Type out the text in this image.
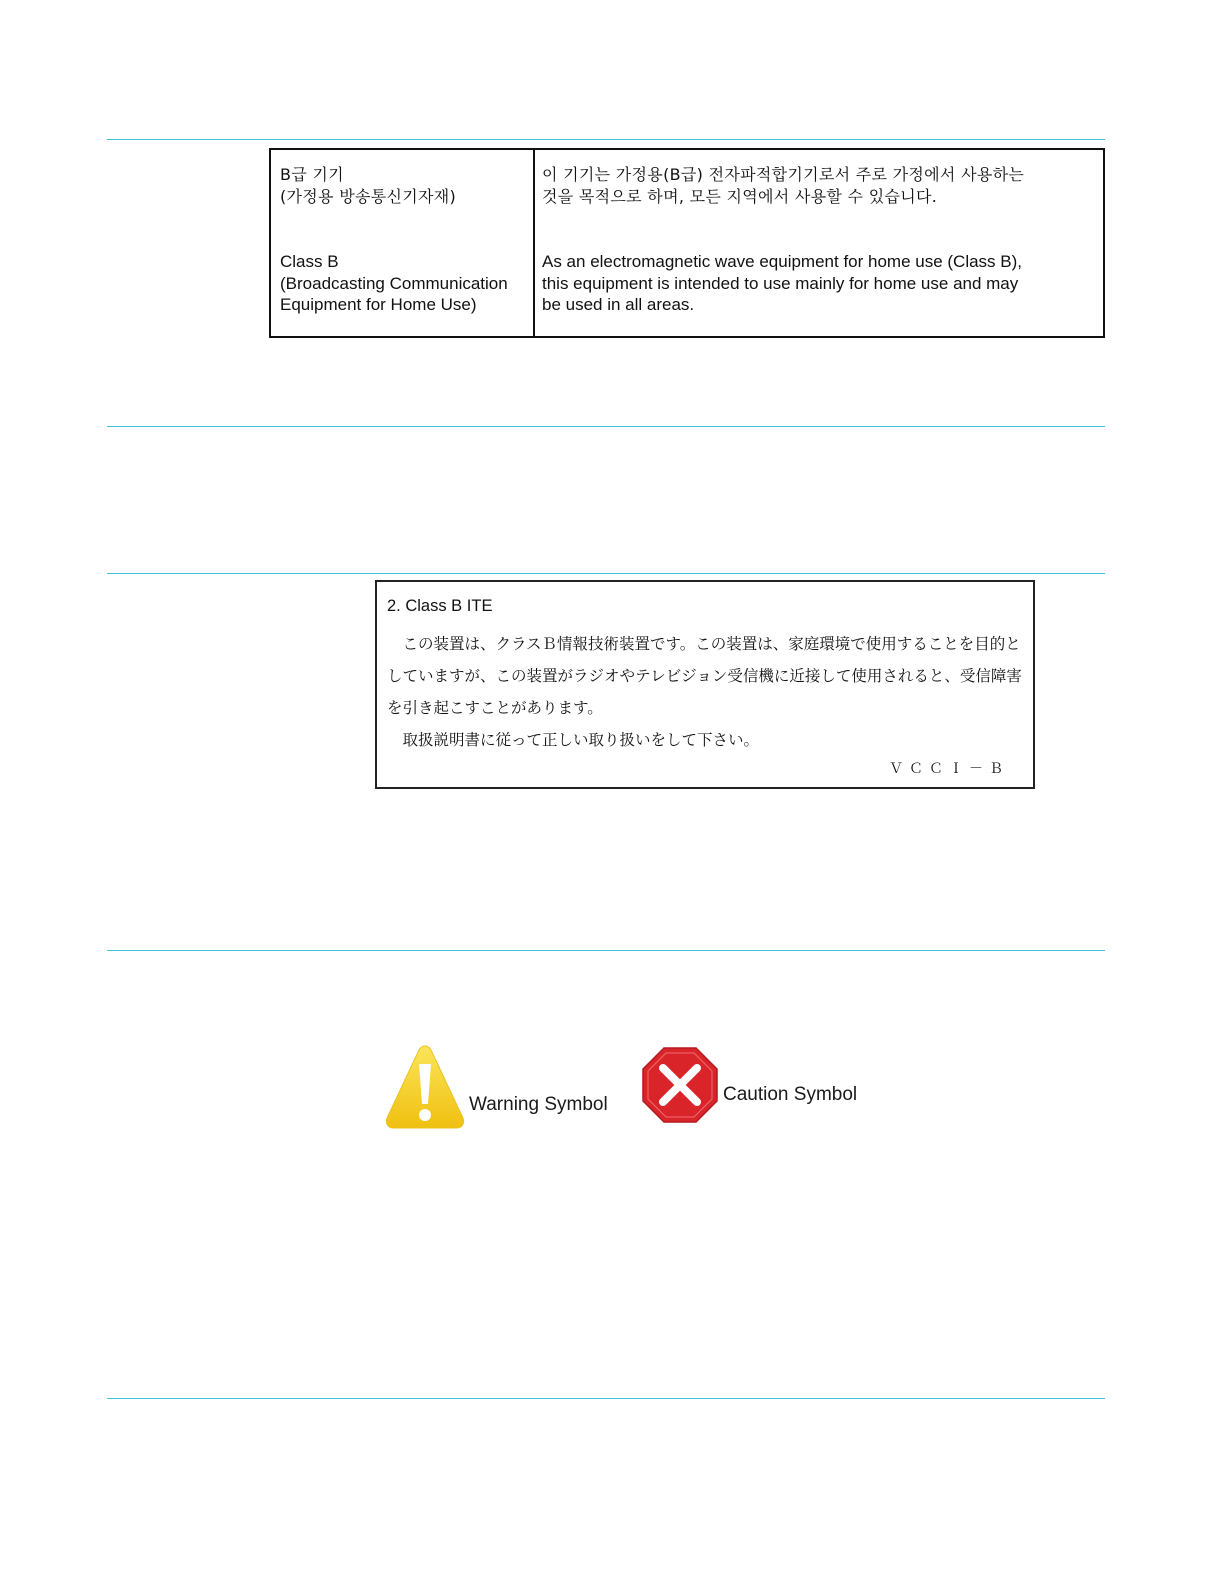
B급 기기
(가정용 방송통신기자재)
Class B
(Broadcasting Communication
Equipment for Home Use)
이 기기는 가정용(B급) 전자파적합기기로서 주로 가정에서 사용하는
것을 목적으로 하며, 모든 지역에서 사용할 수 있습니다.
As an electromagnetic wave equipment for home use (Class B),
this equipment is intended to use mainly for home use and may
be used in all areas.
2. Class B ITE

この装置は、クラスＢ情報技術装置です。この装置は、家庭環境で使用することを目的としていますが、この装置がラジオやテレビジョン受信機に近接して使用されると、受信障害を引き起こすことがあります。

取扱説明書に従って正しい取り扱いをして下さい。

ＶＣＣＩ－Ｂ
Warning Symbol	Caution Symbol
